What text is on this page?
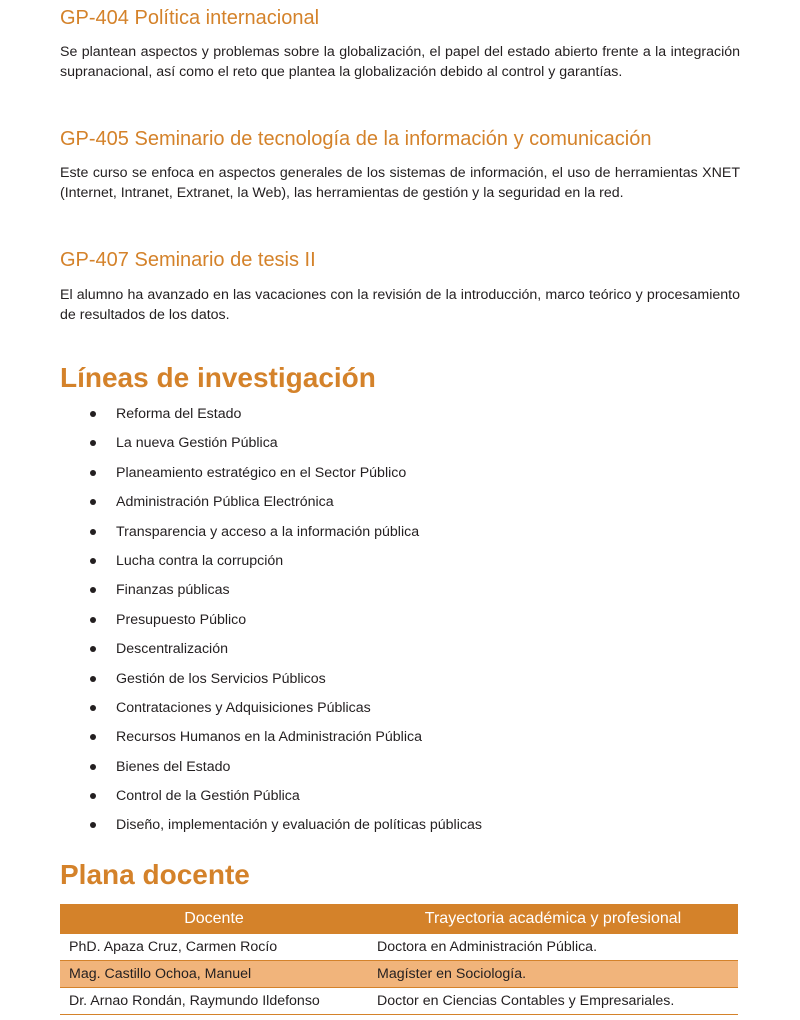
GP-404 Política internacional

Se plantean aspectos y problemas sobre la globalización, el papel del estado abierto frente a la integración supranacional, así como el reto que plantea la globalización debido al control y garantías.

GP-405 Seminario de tecnología de la información y comunicación

Este curso se enfoca en aspectos generales de los sistemas de información, el uso de herramientas XNET (Internet, Intranet, Extranet, la Web), las herramientas de gestión y la seguridad en la red.

GP-407 Seminario de tesis II

El alumno ha avanzado en las vacaciones con la revisión de la introducción, marco teórico y procesamiento de resultados de los datos.

Líneas de investigación
Reforma del Estado
La nueva Gestión Pública
Planeamiento estratégico en el Sector Público
Administración Pública Electrónica
Transparencia y acceso a la información pública
Lucha contra la corrupción
Finanzas públicas
Presupuesto Público
Descentralización
Gestión de los Servicios Públicos
Contrataciones y Adquisiciones Públicas
Recursos Humanos en la Administración Pública
Bienes del Estado
Control de la Gestión Pública
Diseño, implementación y evaluación de políticas públicas
Plana docente
Docente	Trayectoria académica y profesional
PhD. Apaza Cruz, Carmen Rocío	Doctora en Administración Pública.
Mag. Castillo Ochoa, Manuel	Magíster en Sociología.
Dr. Arnao Rondán, Raymundo Ildefonso	Doctor en Ciencias Contables y Empresariales.
